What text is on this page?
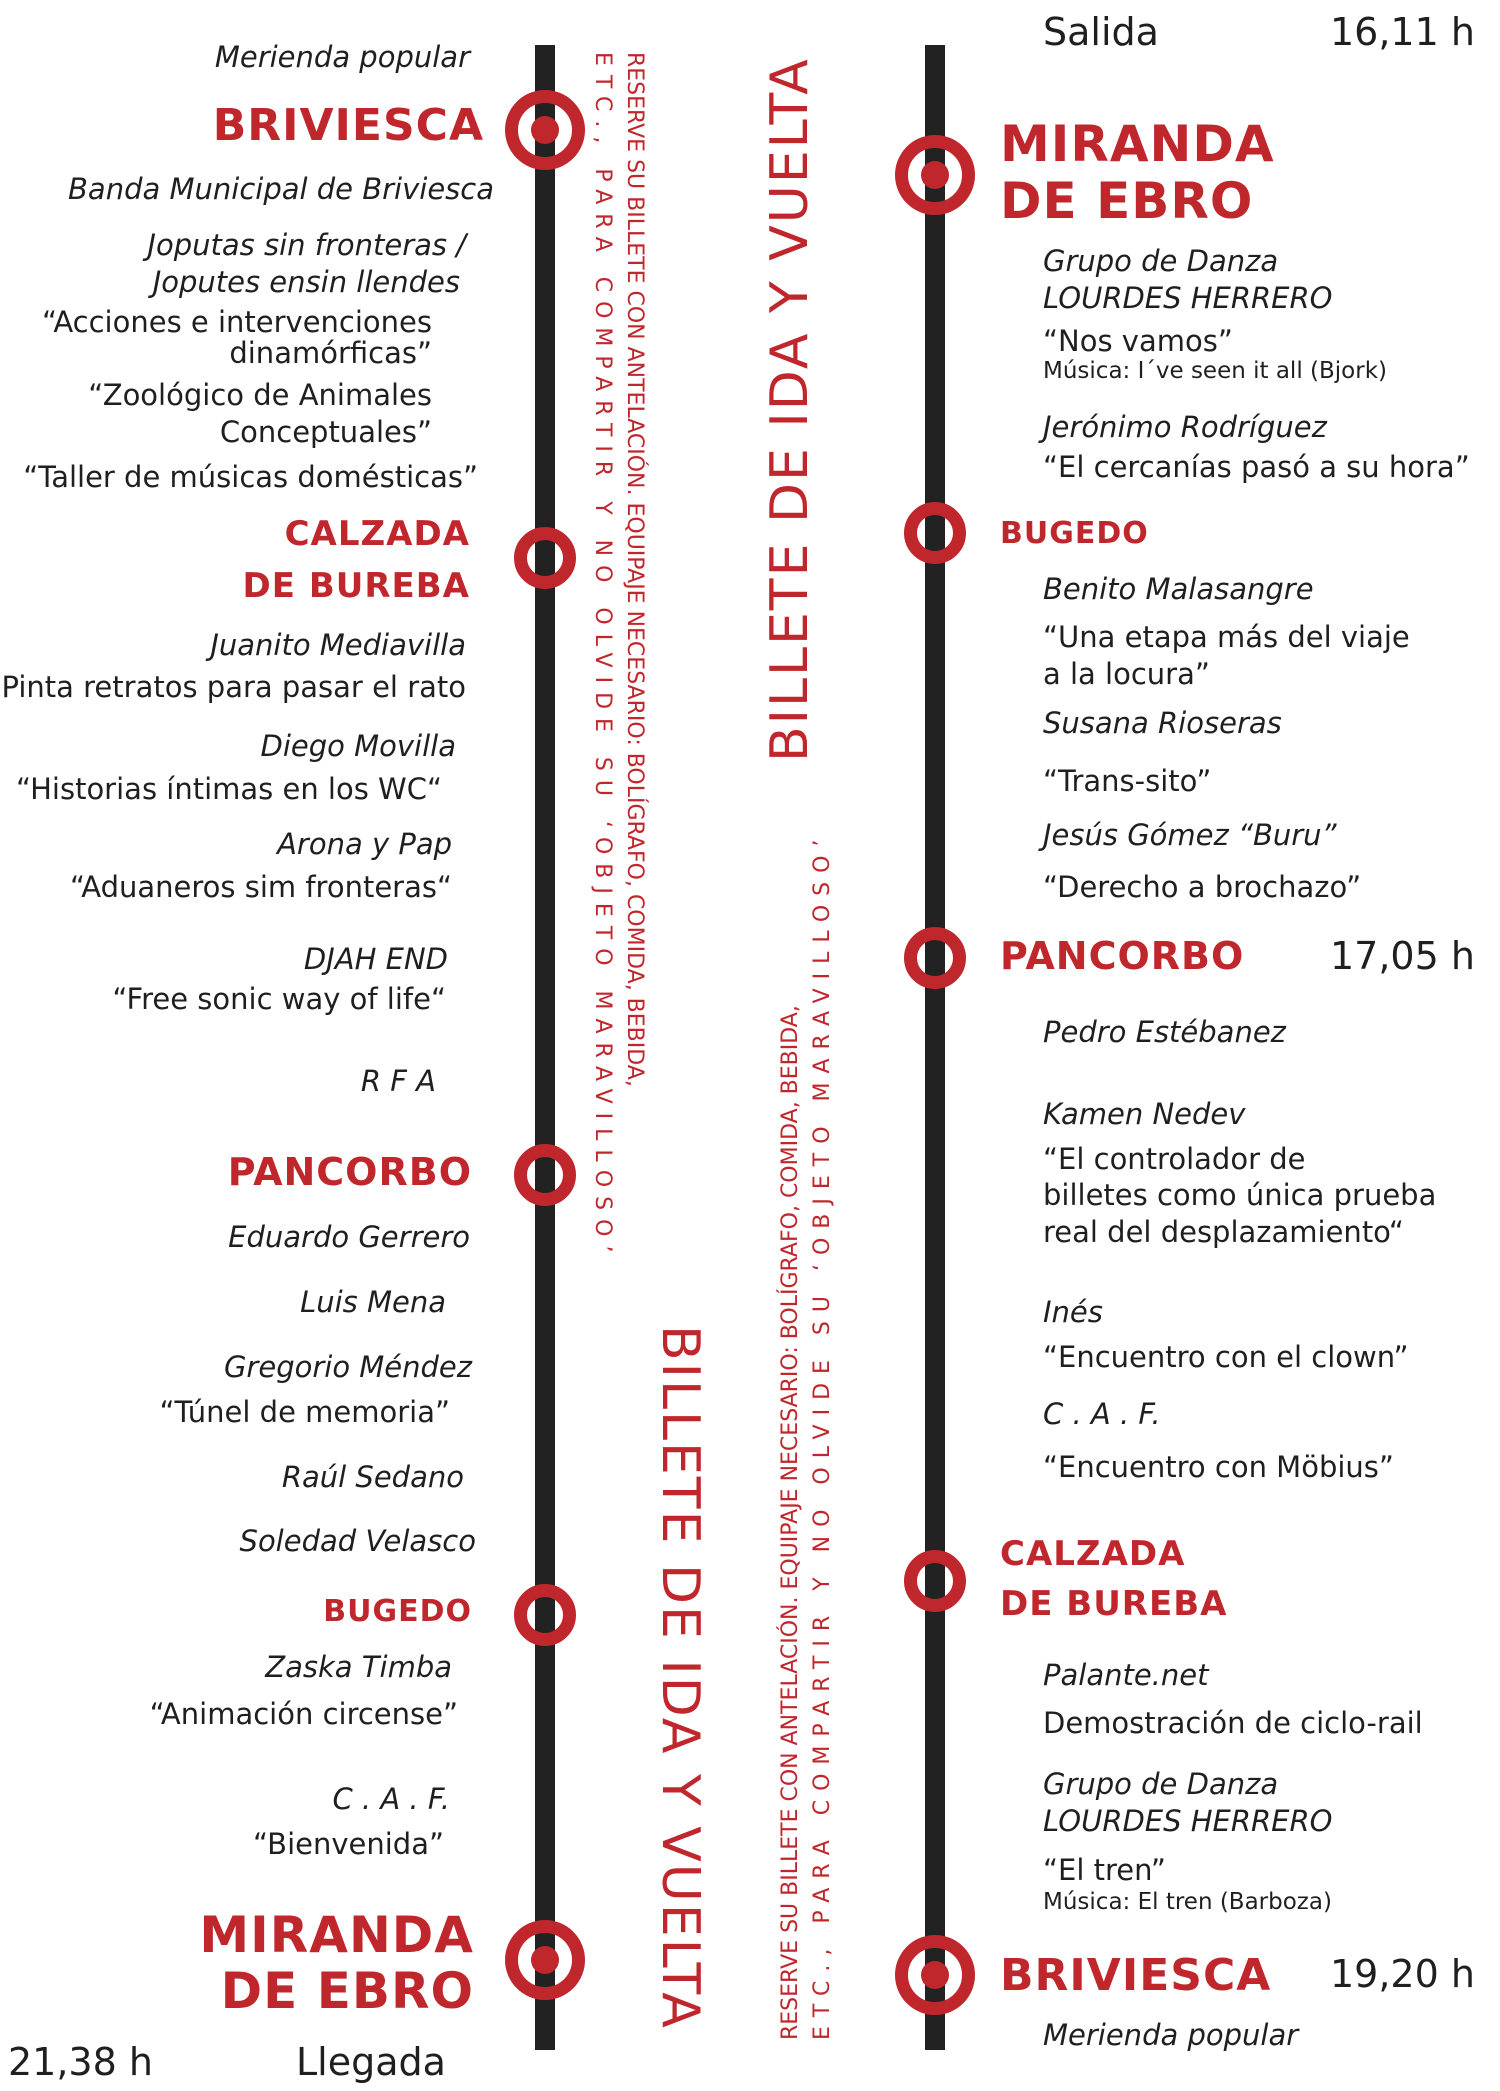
Merienda popular
BRIVIESCA
Banda Municipal de Briviesca
Joputas sin fronteras /
Joputes ensin llendes
“Acciones e intervenciones
dinamórficas”
“Zoológico de Animales
Conceptuales”
“Taller de músicas domésticas”
CALZADA
DE BUREBA
Juanito Mediavilla
Pinta retratos para pasar el rato
Diego Movilla
“Historias íntimas en los WC“
Arona y Pap
“Aduaneros sim fronteras“
DJAH END
“Free sonic way of life“
R F A
PANCORBO
Eduardo Gerrero
Luis Mena
Gregorio Méndez
“Túnel de memoria”
Raúl Sedano
Soledad Velasco
BUGEDO
Zaska Timba
“Animación circense”
C . A . F.
“Bienvenida”
MIRANDA
DE EBRO
21,38 h	Llegada
RESERVE SU BILLETE CON ANTELACIÓN. EQUIPAJE NECESARIO: BOLÍGRAFO, COMIDA, BEBIDA,
ETC., PARA COMPARTIR Y NO OLVIDE SU ‘OBJETO MARAVILLOSO’	BILLETE DE IDA Y VUELTA
BILLETE DE IDA Y VUELTA	RESERVE SU BILLETE CON ANTELACIÓN. EQUIPAJE NECESARIO: BOLÍGRAFO, COMIDA, BEBIDA, ETC., PARA COMPARTIR Y NO OLVIDE SU ‘OBJETO MARAVILLOSO’
Salida	16,11 h
MIRANDA
DE EBRO
Grupo de Danza
LOURDES HERRERO
“Nos vamos”
Música: I´ve seen it all (Bjork)
Jerónimo Rodríguez
“El cercanías pasó a su hora”
BUGEDO
Benito Malasangre
“Una etapa más del viaje
a la locura”
Susana Rioseras
“Trans-sito”
Jesús Gómez “Buru”
“Derecho a brochazo”
PANCORBO 17,05 h
Pedro Estébanez
Kamen Nedev
“El controlador de
billetes como única prueba
real del desplazamiento“
Inés
“Encuentro con el clown”
C . A . F.
“Encuentro con Möbius”
CALZADA
DE BUREBA
Palante.net
Demostración de ciclo-rail
Grupo de Danza
LOURDES HERRERO
“El tren”
Música: El tren (Barboza)
BRIVIESCA 19,20 h
Merienda popular
